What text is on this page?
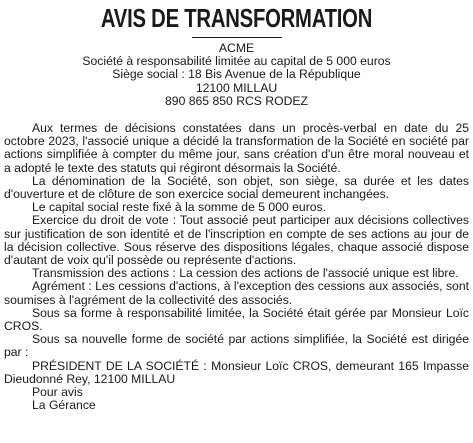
AVIS DE TRANSFORMATION
ACME
Société à responsabilité limitée au capital de 5 000 euros
Siège social : 18 Bis Avenue de la République
12100 MILLAU
890 865 850 RCS RODEZ

Aux termes de décisions constatées dans un procès-verbal en date du 25 octobre 2023, l'associé unique a décidé la transformation de la Société en société par actions simplifiée à compter du même jour, sans création d'un être moral nouveau et a adopté le texte des statuts qui régiront désormais la Société.

La dénomination de la Société, son objet, son siège, sa durée et les dates d'ouverture et de clôture de son exercice social demeurent inchangées.

Le capital social reste fixé à la somme de 5 000 euros.

Exercice du droit de vote : Tout associé peut participer aux décisions collectives sur justification de son identité et de l'inscription en compte de ses actions au jour de la décision collective. Sous réserve des dispositions légales, chaque associé dispose d'autant de voix qu'il possède ou représente d'actions.

Transmission des actions : La cession des actions de l'associé unique est libre.

Agrément : Les cessions d'actions, à l'exception des cessions aux associés, sont soumises à l'agrément de la collectivité des associés.

Sous sa forme à responsabilité limitée, la Société était gérée par Monsieur Loïc CROS.

Sous sa nouvelle forme de société par actions simplifiée, la Société est dirigée par :

PRÉSIDENT DE LA SOCIÉTÉ : Monsieur Loïc CROS, demeurant 165 Impasse Dieudonné Rey, 12100 MILLAU

Pour avis
La Gérance
